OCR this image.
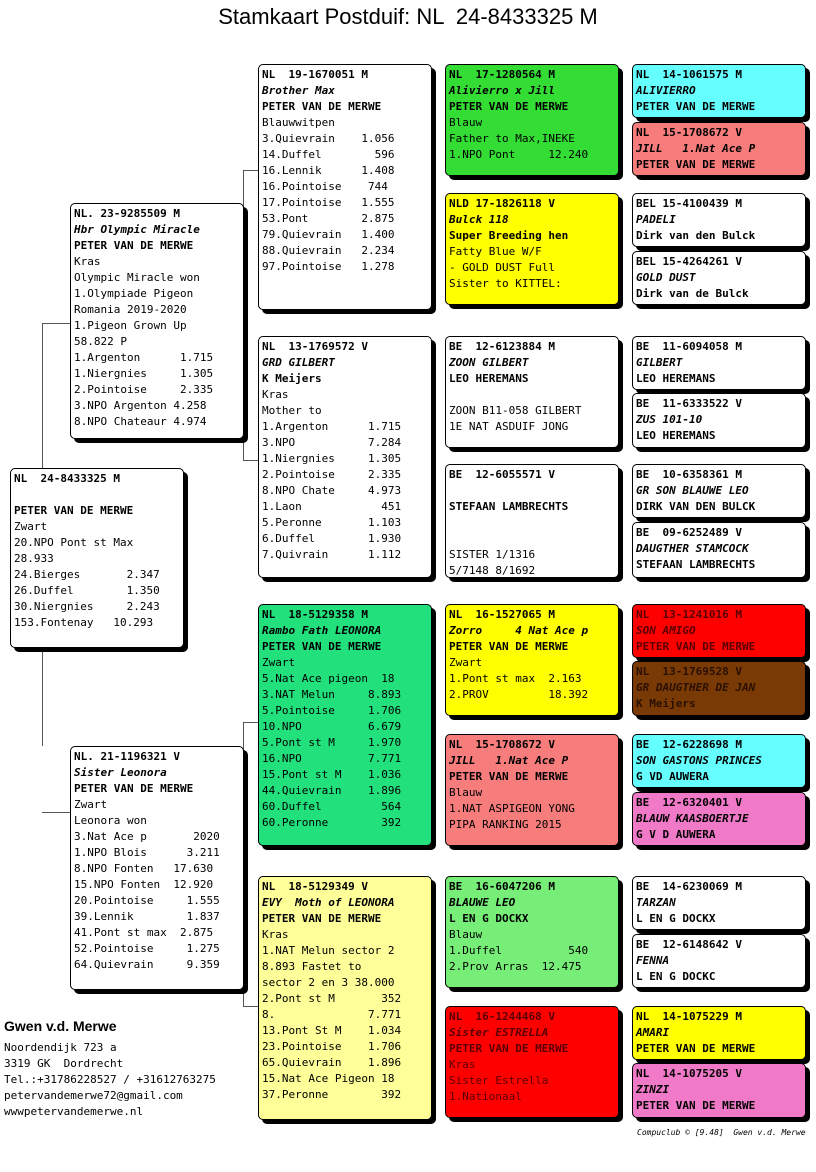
Stamkaart Postduif: NL  24-8433325 M
NL  24-8433325 M
PETER VAN DE MERWE
Zwart
20.NPO Pont st Max
28.933
24.Bierges       2.347
26.Duffel        1.350
30.Niergnies     2.243
153.Fontenay   10.293
NL. 23-9285509 M
Hbr Olympic Miracle
PETER VAN DE MERWE
Kras
Olympic Miracle won
1.Olympiade Pigeon
Romania 2019-2020
1.Pigeon Grown Up
58.822 P
1.Argenton      1.715
1.Niergnies     1.305
2.Pointoise     2.335
3.NPO Argenton 4.258
8.NPO Chateaur 4.974
NL. 21-1196321 V
Sister Leonora
PETER VAN DE MERWE
Zwart
Leonora won
3.Nat Ace p       2020
1.NPO Blois      3.211
8.NPO Fonten   17.630
15.NPO Fonten  12.920
20.Pointoise     1.555
39.Lennik        1.837
41.Pont st max  2.875
52.Pointoise     1.275
64.Quievrain     9.359
NL  19-1670051 M
Brother Max
PETER VAN DE MERWE
Blauwwitpen
3.Quievrain    1.056
14.Duffel        596
16.Lennik      1.408
16.Pointoise    744
17.Pointoise   1.555
53.Pont        2.875
79.Quievrain   1.400
88.Quievrain   2.234
97.Pointoise   1.278
NL  13-1769572 V
GRD GILBERT
K Meijers
Kras
Mother to
1.Argenton      1.715
3.NPO           7.284
1.Niergnies     1.305
2.Pointoise     2.335
8.NPO Chate     4.973
1.Laon            451
5.Peronne       1.103
6.Duffel        1.930
7.Quivrain      1.112
NL  18-5129358 M
Rambo Fath LEONORA
PETER VAN DE MERWE
Zwart
5.Nat Ace pigeon  18
3.NAT Melun     8.893
5.Pointoise     1.706
10.NPO          6.679
5.Pont st M     1.970
16.NPO          7.771
15.Pont st M    1.036
44.Quievrain    1.896
60.Duffel         564
60.Peronne        392
NL  18-5129349 V
EVY  Moth of LEONORA
PETER VAN DE MERWE
Kras
1.NAT Melun sector 2
8.893 Fastet to
sector 2 en 3 38.000
2.Pont st M       352
8.              7.771
13.Pont St M    1.034
23.Pointoise    1.706
65.Quievrain    1.896
15.Nat Ace Pigeon 18
37.Peronne        392
NL  17-1280564 M
Alivierro x Jill
PETER VAN DE MERWE
Blauw
Father to Max,INEKE
1.NPO Pont     12.240
NLD 17-1826118 V
Bulck 118
Super Breeding hen
Fatty Blue W/F
- GOLD DUST Full
Sister to KITTEL:
BE  12-6123884 M
ZOON GILBERT
LEO HEREMANS
ZOON B11-058 GILBERT
1E NAT ASDUIF JONG
BE  12-6055571 V
STEFAAN LAMBRECHTS
SISTER 1/1316
5/7148 8/1692
NL  16-1527065 M
Zorro     4 Nat Ace p
PETER VAN DE MERWE
Zwart
1.Pont st max  2.163
2.PROV         18.392
NL  15-1708672 V
JILL   1.Nat Ace P
PETER VAN DE MERWE
Blauw
1.NAT ASPIGEON YONG
PIPA RANKING 2015
BE  16-6047206 M
BLAUWE LEO
L EN G DOCKX
Blauw
1.Duffel          540
2.Prov Arras  12.475
NL  16-1244468 V
Sister ESTRELLA
PETER VAN DE MERWE
Kras
Sister Estrella
1.Nationaal
NL  14-1061575 M
ALIVIERRO
PETER VAN DE MERWE
NL  15-1708672 V
JILL   1.Nat Ace P
PETER VAN DE MERWE
BEL 15-4100439 M
PADELI
Dirk van den Bulck
BEL 15-4264261 V
GOLD DUST
Dirk van de Bulck
BE  11-6094058 M
GILBERT
LEO HEREMANS
BE  11-6333522 V
ZUS 101-10
LEO HEREMANS
BE  10-6358361 M
GR SON BLAUWE LEO
DIRK VAN DEN BULCK
BE  09-6252489 V
DAUGTHER STAMCOCK
STEFAAN LAMBRECHTS
NL  13-1241016 M
SON AMIGO
PETER VAN DE MERWE
NL  13-1769528 V
GR DAUGTHER DE JAN
K Meijers
BE  12-6228698 M
SON GASTONS PRINCES
G VD AUWERA
BE  12-6320401 V
BLAUW KAASBOERTJE
G V D AUWERA
BE  14-6230069 M
TARZAN
L EN G DOCKX
BE  12-6148642 V
FENNA
L EN G DOCKC
NL  14-1075229 M
AMARI
PETER VAN DE MERWE
NL  14-1075205 V
ZINZI
PETER VAN DE MERWE
Gwen v.d. Merwe
Noordendijk 723 a
3319 GK  Dordrecht
Tel.:+31786228527 / +31612763275
petervandemerwe72@gmail.com
wwwpetervandemerwe.nl
Compuclub © [9.48]  Gwen v.d. Merwe
